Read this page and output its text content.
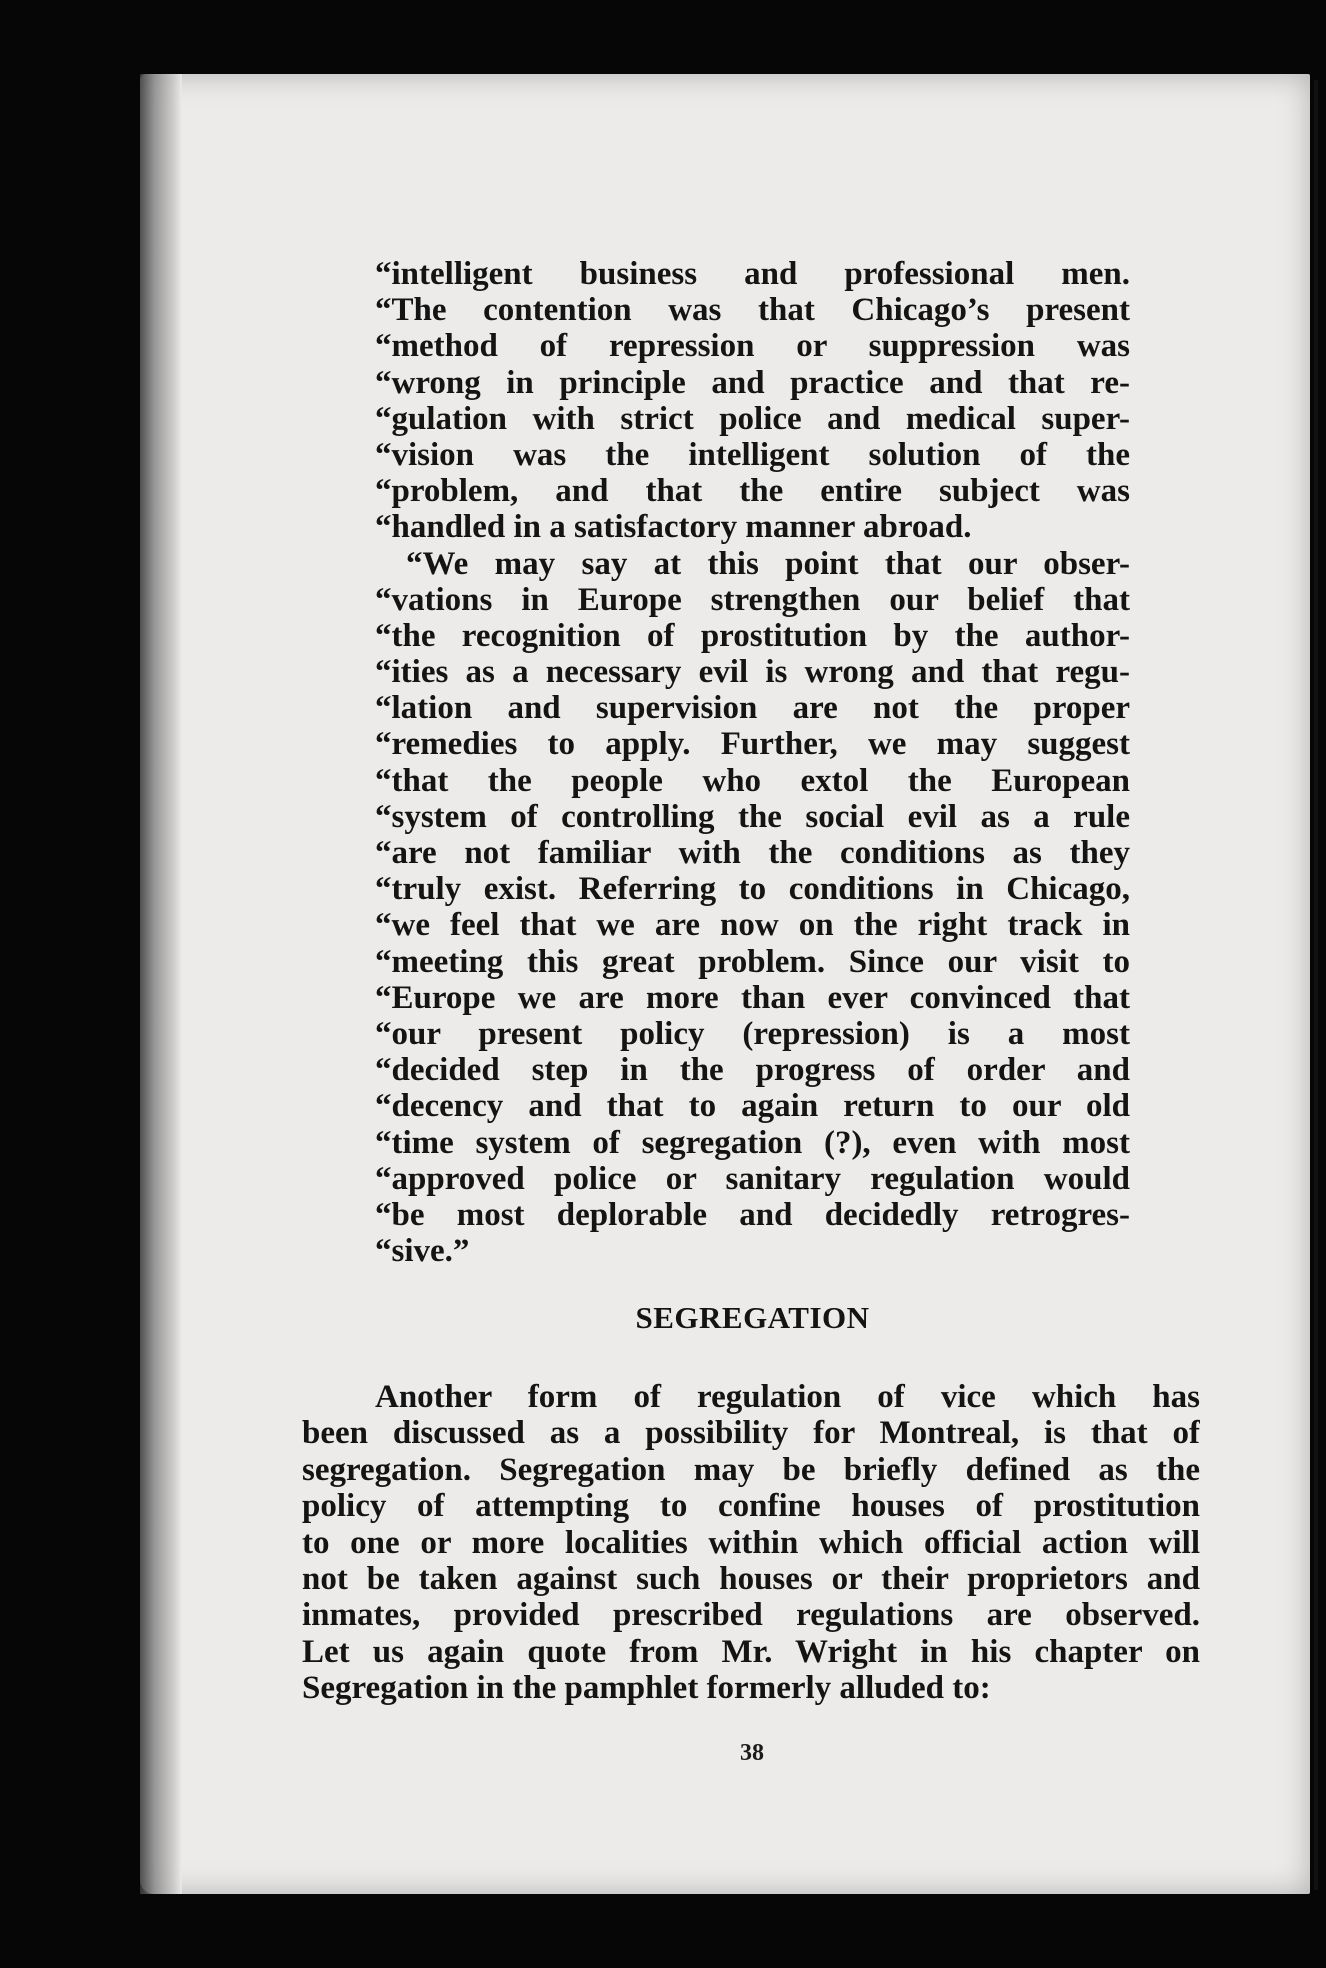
“intelligent business and professional men.
“The contention was that Chicago’s present
“method of repression or suppression was
“wrong in principle and practice and that re-
“gulation with strict police and medical super-
“vision was the intelligent solution of the
“problem, and that the entire subject was
“handled in a satisfactory manner abroad.
“We may say at this point that our obser-
“vations in Europe strengthen our belief that
“the recognition of prostitution by the author-
“ities as a necessary evil is wrong and that regu-
“lation and supervision are not the proper
“remedies to apply. Further, we may suggest
“that the people who extol the European
“system of controlling the social evil as a rule
“are not familiar with the conditions as they
“truly exist. Referring to conditions in Chicago,
“we feel that we are now on the right track in
“meeting this great problem. Since our visit to
“Europe we are more than ever convinced that
“our present policy (repression) is a most
“decided step in the progress of order and
“decency and that to again return to our old
“time system of segregation (?), even with most
“approved police or sanitary regulation would
“be most deplorable and decidedly retrogres-
“sive.”
SEGREGATION
Another form of regulation of vice which has
been discussed as a possibility for Montreal, is that of
segregation. Segregation may be briefly defined as the
policy of attempting to confine houses of prostitution
to one or more localities within which official action will
not be taken against such houses or their proprietors and
inmates, provided prescribed regulations are observed.
Let us again quote from Mr. Wright in his chapter on
Segregation in the pamphlet formerly alluded to:
38
